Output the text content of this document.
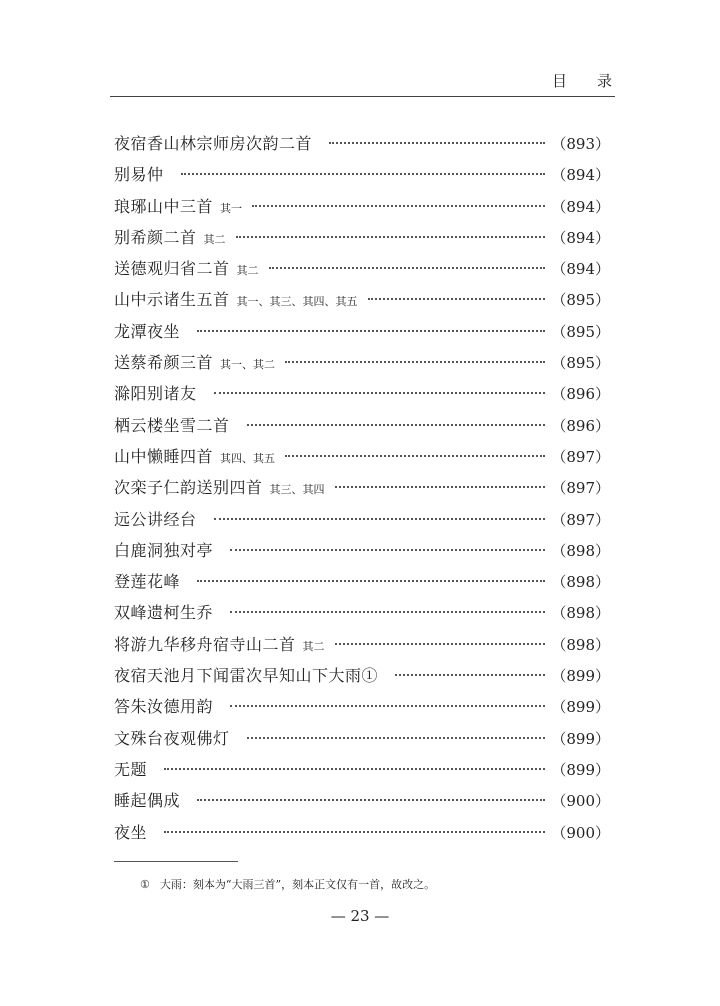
目录
夜宿香山林宗师房次韵二首	（893）
别易仲	（894）
琅琊山中三首 其一	（894）
别希颜二首 其二	（894）
送德观归省二首 其二	（894）
山中示诸生五首 其一、其三、其四、其五	（895）
龙潭夜坐	（895）
送蔡希颜三首 其一、其二	（895）
滁阳别诸友	（896）
栖云楼坐雪二首	（896）
山中懒睡四首 其四、其五	（897）
次栾子仁韵送别四首 其三、其四	（897）
远公讲经台	（897）
白鹿洞独对亭	（898）
登莲花峰	（898）
双峰遗柯生乔	（898）
将游九华移舟宿寺山二首 其二	（898）
夜宿天池月下闻雷次早知山下大雨①	（899）
答朱汝德用韵	（899）
文殊台夜观佛灯	（899）
无题	（899）
睡起偶成	（900）
夜坐	（900）
① 大雨：刻本为“大雨三首”，刻本正文仅有一首，故改之。
— 23 —
